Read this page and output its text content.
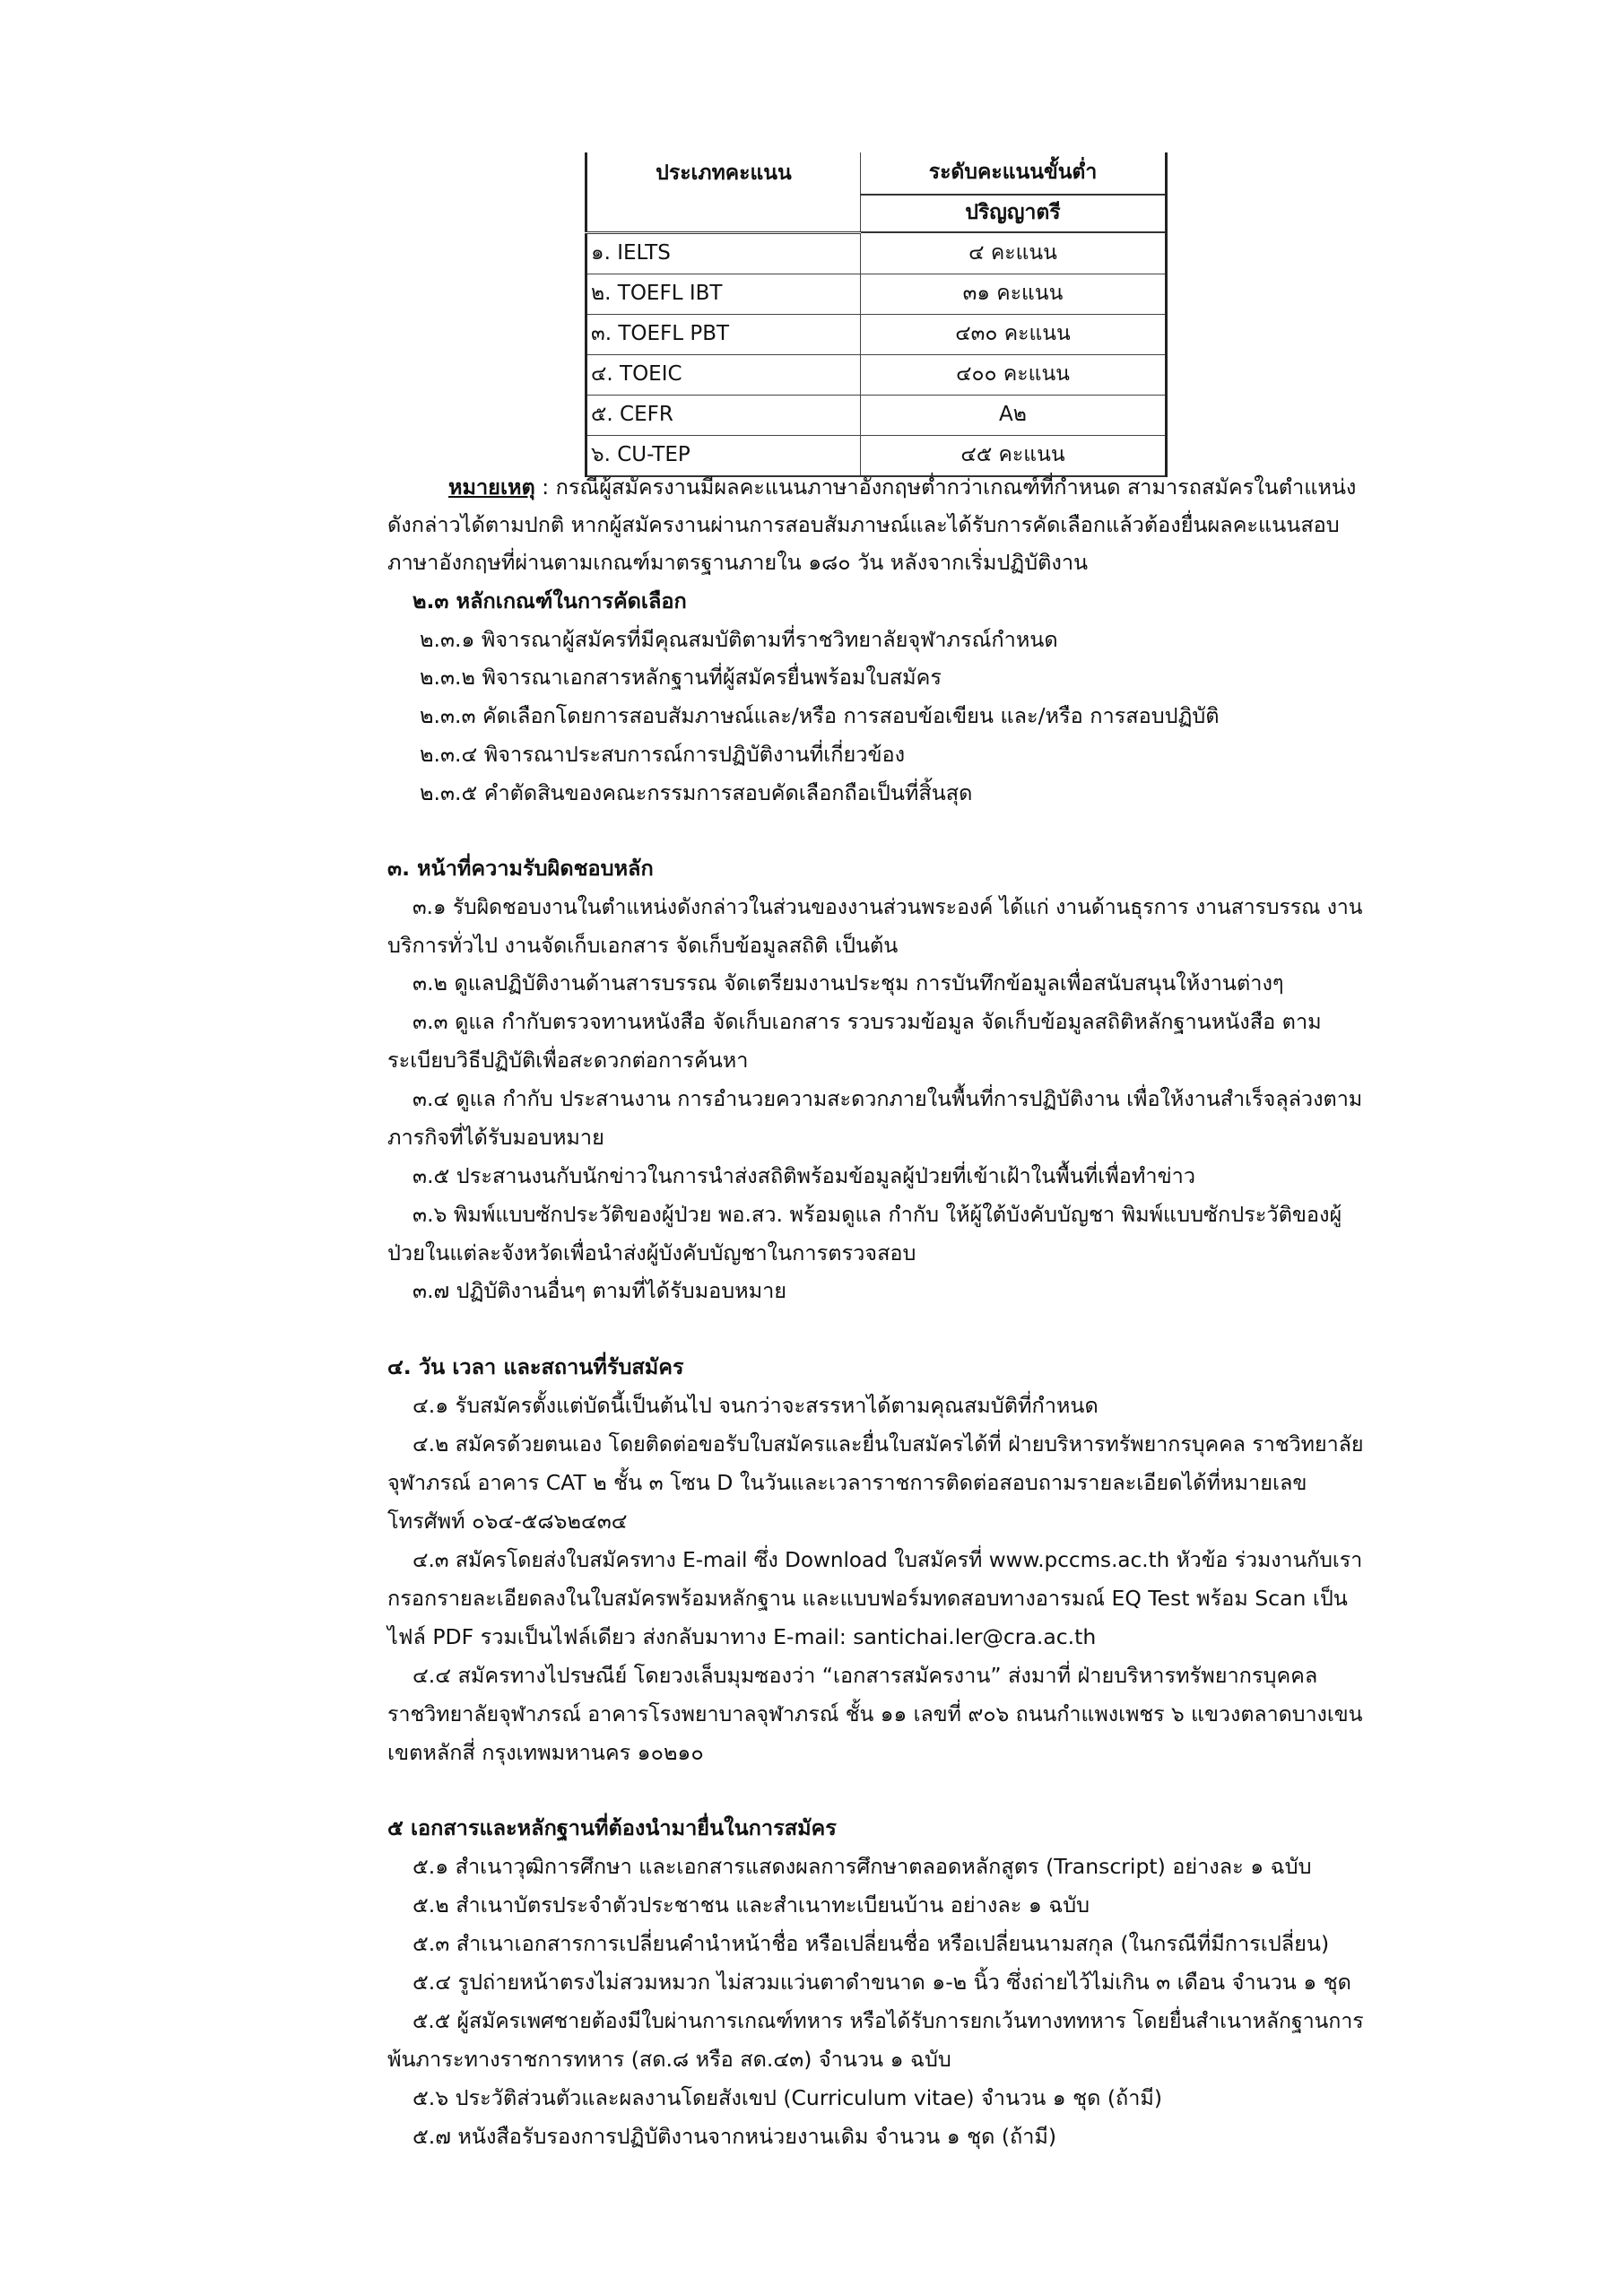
ประเภทคะแนน	ระดับคะแนนขั้นต่ำ
	ปริญญาตรี
๑. IELTS	๔ คะแนน
๒. TOEFL IBT	๓๑ คะแนน
๓. TOEFL PBT	๔๓๐ คะแนน
๔. TOEIC	๔๐๐ คะแนน
๕. CEFR	A๒
๖. CU-TEP	๔๕ คะแนน
หมายเหตุ : กรณีผู้สมัครงานมีผลคะแนนภาษาอังกฤษต่ำกว่าเกณฑ์ที่กำหนด สามารถสมัครในตำแหน่ง
ดังกล่าวได้ตามปกติ หากผู้สมัครงานผ่านการสอบสัมภาษณ์และได้รับการคัดเลือกแล้วต้องยื่นผลคะแนนสอบ
ภาษาอังกฤษที่ผ่านตามเกณฑ์มาตรฐานภายใน ๑๘๐ วัน หลังจากเริ่มปฏิบัติงาน
๒.๓ หลักเกณฑ์ในการคัดเลือก
๒.๓.๑ พิจารณาผู้สมัครที่มีคุณสมบัติตามที่ราชวิทยาลัยจุฬาภรณ์กำหนด
๒.๓.๒ พิจารณาเอกสารหลักฐานที่ผู้สมัครยื่นพร้อมใบสมัคร
๒.๓.๓ คัดเลือกโดยการสอบสัมภาษณ์และ/หรือ การสอบข้อเขียน และ/หรือ การสอบปฏิบัติ
๒.๓.๔ พิจารณาประสบการณ์การปฏิบัติงานที่เกี่ยวข้อง
๒.๓.๕ คำตัดสินของคณะกรรมการสอบคัดเลือกถือเป็นที่สิ้นสุด
๓. หน้าที่ความรับผิดชอบหลัก
๓.๑ รับผิดชอบงานในตำแหน่งดังกล่าวในส่วนของงานส่วนพระองค์ ได้แก่ งานด้านธุรการ งานสารบรรณ งาน
บริการทั่วไป งานจัดเก็บเอกสาร จัดเก็บข้อมูลสถิติ เป็นต้น
๓.๒ ดูแลปฏิบัติงานด้านสารบรรณ จัดเตรียมงานประชุม การบันทึกข้อมูลเพื่อสนับสนุนให้งานต่างๆ
๓.๓ ดูแล กำกับตรวจทานหนังสือ จัดเก็บเอกสาร รวบรวมข้อมูล จัดเก็บข้อมูลสถิติหลักฐานหนังสือ ตาม
ระเบียบวิธีปฏิบัติเพื่อสะดวกต่อการค้นหา
๓.๔ ดูแล กำกับ ประสานงาน การอำนวยความสะดวกภายในพื้นที่การปฏิบัติงาน เพื่อให้งานสำเร็จลุล่วงตาม
ภารกิจที่ได้รับมอบหมาย
๓.๕ ประสานงนกับนักข่าวในการนำส่งสถิติพร้อมข้อมูลผู้ป่วยที่เข้าเฝ้าในพื้นที่เพื่อทำข่าว
๓.๖ พิมพ์แบบซักประวัติของผู้ป่วย พอ.สว. พร้อมดูแล กำกับ ให้ผู้ใต้บังคับบัญชา พิมพ์แบบซักประวัติของผู้
ป่วยในแต่ละจังหวัดเพื่อนำส่งผู้บังคับบัญชาในการตรวจสอบ
๓.๗ ปฏิบัติงานอื่นๆ ตามที่ได้รับมอบหมาย
๔. วัน เวลา และสถานที่รับสมัคร
๔.๑ รับสมัครตั้งแต่บัดนี้เป็นต้นไป จนกว่าจะสรรหาได้ตามคุณสมบัติที่กำหนด
๔.๒ สมัครด้วยตนเอง โดยติดต่อขอรับใบสมัครและยื่นใบสมัครได้ที่ ฝ่ายบริหารทรัพยากรบุคคล ราชวิทยาลัย
จุฬาภรณ์ อาคาร CAT ๒ ชั้น ๓ โซน D ในวันและเวลาราชการติดต่อสอบถามรายละเอียดได้ที่หมายเลข
โทรศัพท์ ๐๖๔-๕๘๖๒๔๓๔
๔.๓ สมัครโดยส่งใบสมัครทาง E-mail ซึ่ง Download ใบสมัครที่ www.pccms.ac.th หัวข้อ ร่วมงานกับเรา
กรอกรายละเอียดลงในใบสมัครพร้อมหลักฐาน และแบบฟอร์มทดสอบทางอารมณ์ EQ Test พร้อม Scan เป็น
ไฟล์ PDF รวมเป็นไฟล์เดียว ส่งกลับมาทาง E-mail: santichai.ler@cra.ac.th
๔.๔ สมัครทางไปรษณีย์ โดยวงเล็บมุมซองว่า “เอกสารสมัครงาน” ส่งมาที่ ฝ่ายบริหารทรัพยากรบุคคล
ราชวิทยาลัยจุฬาภรณ์ อาคารโรงพยาบาลจุฬาภรณ์ ชั้น ๑๑ เลขที่ ๙๐๖ ถนนกำแพงเพชร ๖ แขวงตลาดบางเขน
เขตหลักสี่ กรุงเทพมหานคร ๑๐๒๑๐
๕ เอกสารและหลักฐานที่ต้องนำมายื่นในการสมัคร
๕.๑ สำเนาวุฒิการศึกษา และเอกสารแสดงผลการศึกษาตลอดหลักสูตร (Transcript) อย่างละ ๑ ฉบับ
๕.๒ สำเนาบัตรประจำตัวประชาชน และสำเนาทะเบียนบ้าน อย่างละ ๑ ฉบับ
๕.๓ สำเนาเอกสารการเปลี่ยนคำนำหน้าชื่อ หรือเปลี่ยนชื่อ หรือเปลี่ยนนามสกุล (ในกรณีที่มีการเปลี่ยน)
๕.๔ รูปถ่ายหน้าตรงไม่สวมหมวก ไม่สวมแว่นตาดำขนาด ๑-๒ นิ้ว ซึ่งถ่ายไว้ไม่เกิน ๓ เดือน จำนวน ๑ ชุด
๕.๕ ผู้สมัครเพศชายต้องมีใบผ่านการเกณฑ์ทหาร หรือได้รับการยกเว้นทางททหาร โดยยื่นสำเนาหลักฐานการ
พ้นภาระทางราชการทหาร (สด.๘ หรือ สด.๔๓) จำนวน ๑ ฉบับ
๕.๖ ประวัติส่วนตัวและผลงานโดยสังเขป (Curriculum vitae) จำนวน ๑ ชุด (ถ้ามี)
๕.๗ หนังสือรับรองการปฏิบัติงานจากหน่วยงานเดิม จำนวน ๑ ชุด (ถ้ามี)
